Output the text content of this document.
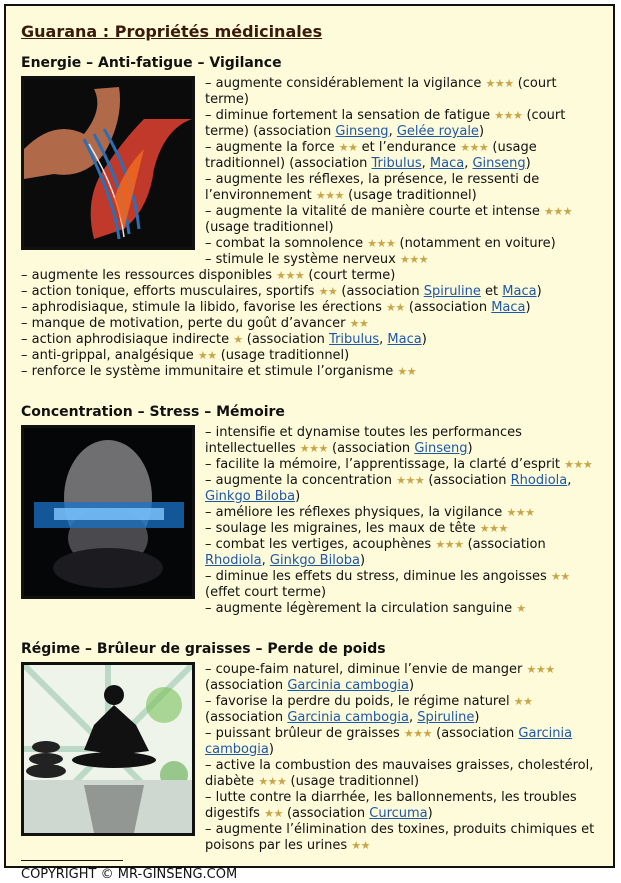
Guarana : Propriétés médicinales
Energie – Anti-fatigue – Vigilance
– augmente considérablement la vigilance ★★★ (court terme)
– diminue fortement la sensation de fatigue ★★★ (court terme) (association Ginseng, Gelée royale)
– augmente la force ★★ et l’endurance ★★★ (usage traditionnel) (association Tribulus, Maca, Ginseng)
– augmente les réflexes, la présence, le ressenti de l’environnement ★★★ (usage traditionnel)
– augmente la vitalité de manière courte et intense ★★★ (usage traditionnel)
– combat la somnolence ★★★ (notamment en voiture)
– stimule le système nerveux ★★★
– augmente les ressources disponibles ★★★ (court terme)
– action tonique, efforts musculaires, sportifs ★★ (association Spiruline et Maca)
– aphrodisiaque, stimule la libido, favorise les érections ★★ (association Maca)
– manque de motivation, perte du goût d’avancer ★★
– action aphrodisiaque indirecte ★ (association Tribulus, Maca)
– anti-grippal, analgésique ★★ (usage traditionnel)
– renforce le système immunitaire et stimule l’organisme ★★
Concentration – Stress – Mémoire
– intensifie et dynamise toutes les performances intellectuelles ★★★ (association Ginseng)
– facilite la mémoire, l’apprentissage, la clarté d’esprit ★★★
– augmente la concentration ★★★ (association Rhodiola, Ginkgo Biloba)
– améliore les réflexes physiques, la vigilance ★★★
– soulage les migraines, les maux de tête ★★★
– combat les vertiges, acouphènes ★★★ (association Rhodiola, Ginkgo Biloba)
– diminue les effets du stress, diminue les angoisses ★★ (effet court terme)
– augmente légèrement la circulation sanguine ★
Régime – Brûleur de graisses – Perde de poids
– coupe-faim naturel, diminue l’envie de manger ★★★ (association Garcinia cambogia)
– favorise la perdre du poids, le régime naturel ★★ (association Garcinia cambogia, Spiruline)
– puissant brûleur de graisses ★★★ (association Garcinia cambogia)
– active la combustion des mauvaises graisses, cholestérol, diabète ★★★ (usage traditionnel)
– lutte contre la diarrhée, les ballonnements, les troubles digestifs ★★ (association Curcuma)
– augmente l’élimination des toxines, produits chimiques et poisons par les urines ★★
COPYRIGHT © MR-GINSENG.COM
